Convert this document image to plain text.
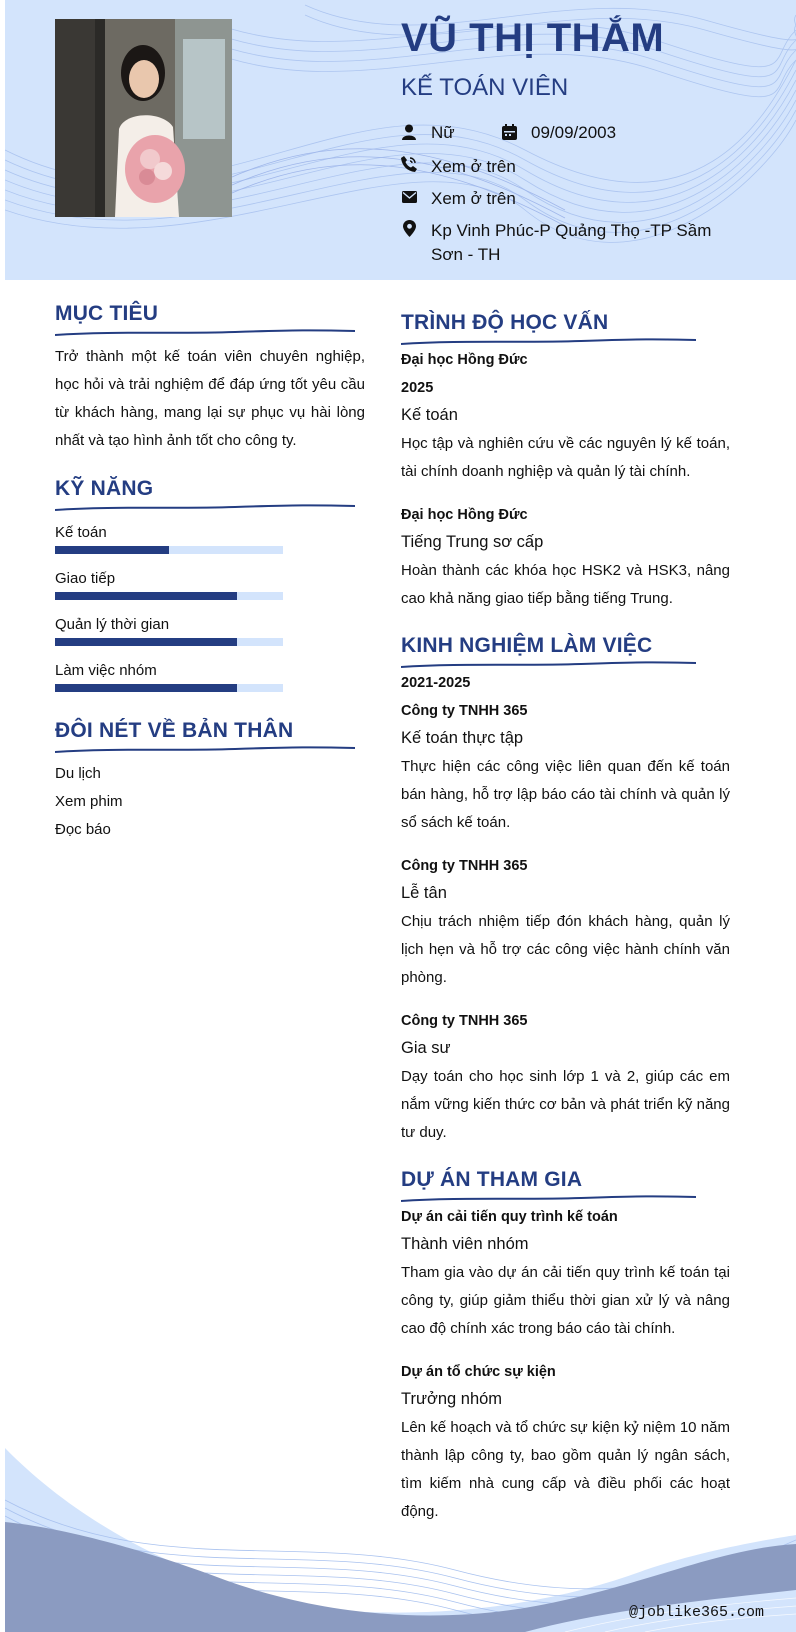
VŨ THỊ THẮM
KẾ TOÁN VIÊN
Nữ	09/09/2003
Xem ở trên
Xem ở trên
Kp Vinh Phúc-P Quảng Thọ -TP Sầm Sơn - TH
MỤC TIÊU
Trở thành một kế toán viên chuyên nghiệp, học hỏi và trải nghiệm để đáp ứng tốt yêu cầu từ khách hàng, mang lại sự phục vụ hài lòng nhất và tạo hình ảnh tốt cho công ty.
KỸ NĂNG
Kế toán
Giao tiếp
Quản lý thời gian
Làm việc nhóm
ĐÔI NÉT VỀ BẢN THÂN
Du lịch
Xem phim
Đọc báo
TRÌNH ĐỘ HỌC VẤN
Đại học Hồng Đức
2025
Kế toán
Học tập và nghiên cứu về các nguyên lý kế toán, tài chính doanh nghiệp và quản lý tài chính.
Đại học Hồng Đức
Tiếng Trung sơ cấp
Hoàn thành các khóa học HSK2 và HSK3, nâng cao khả năng giao tiếp bằng tiếng Trung.
KINH NGHIỆM LÀM VIỆC
2021-2025
Công ty TNHH 365
Kế toán thực tập
Thực hiện các công việc liên quan đến kế toán bán hàng, hỗ trợ lập báo cáo tài chính và quản lý sổ sách kế toán.
Công ty TNHH 365
Lễ tân
Chịu trách nhiệm tiếp đón khách hàng, quản lý lịch hẹn và hỗ trợ các công việc hành chính văn phòng.
Công ty TNHH 365
Gia sư
Dạy toán cho học sinh lớp 1 và 2, giúp các em nắm vững kiến thức cơ bản và phát triển kỹ năng tư duy.
DỰ ÁN THAM GIA
Dự án cải tiến quy trình kế toán
Thành viên nhóm
Tham gia vào dự án cải tiến quy trình kế toán tại công ty, giúp giảm thiểu thời gian xử lý và nâng cao độ chính xác trong báo cáo tài chính.
Dự án tổ chức sự kiện
Trưởng nhóm
Lên kế hoạch và tổ chức sự kiện kỷ niệm 10 năm thành lập công ty, bao gồm quản lý ngân sách, tìm kiếm nhà cung cấp và điều phối các hoạt động.
@joblike365.com
